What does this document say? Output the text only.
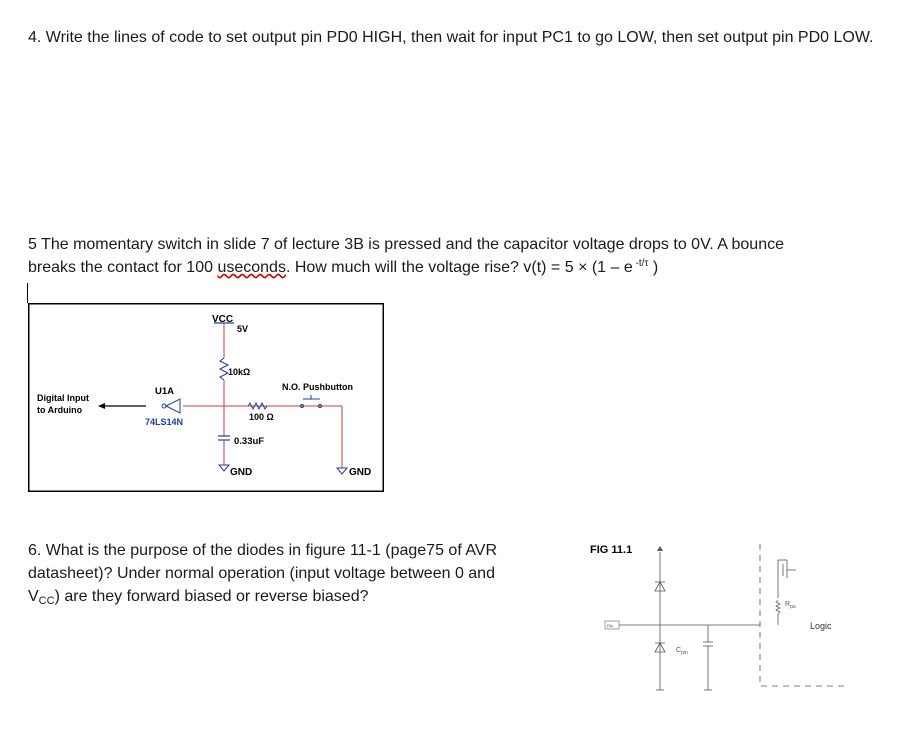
4. Write the lines of code to set output pin PD0 HIGH, then wait for input PC1 to go LOW, then set output pin PD0 LOW.
5 The momentary switch in slide 7 of lecture 3B is pressed and the capacitor voltage drops to 0V. A bounce
breaks the contact for 100 useconds. How much will the voltage rise? v(t) = 5 × (1 – e $^{-t/\tau}$ )
VCC
5V
10kΩ
100 Ω
N.O. Pushbutton
0.33uF
GND	GND
U1A
74LS14N
Digital Input
to Arduino
6. What is the purpose of the diodes in figure 11-1 (page75 of AVR
datasheet)? Under normal operation (input voltage between 0 and
$V_{CC}$) are they forward biased or reverse biased?
FIG 11.1
Pin
$C_{pin}$
$R_{pu}$
Logic
